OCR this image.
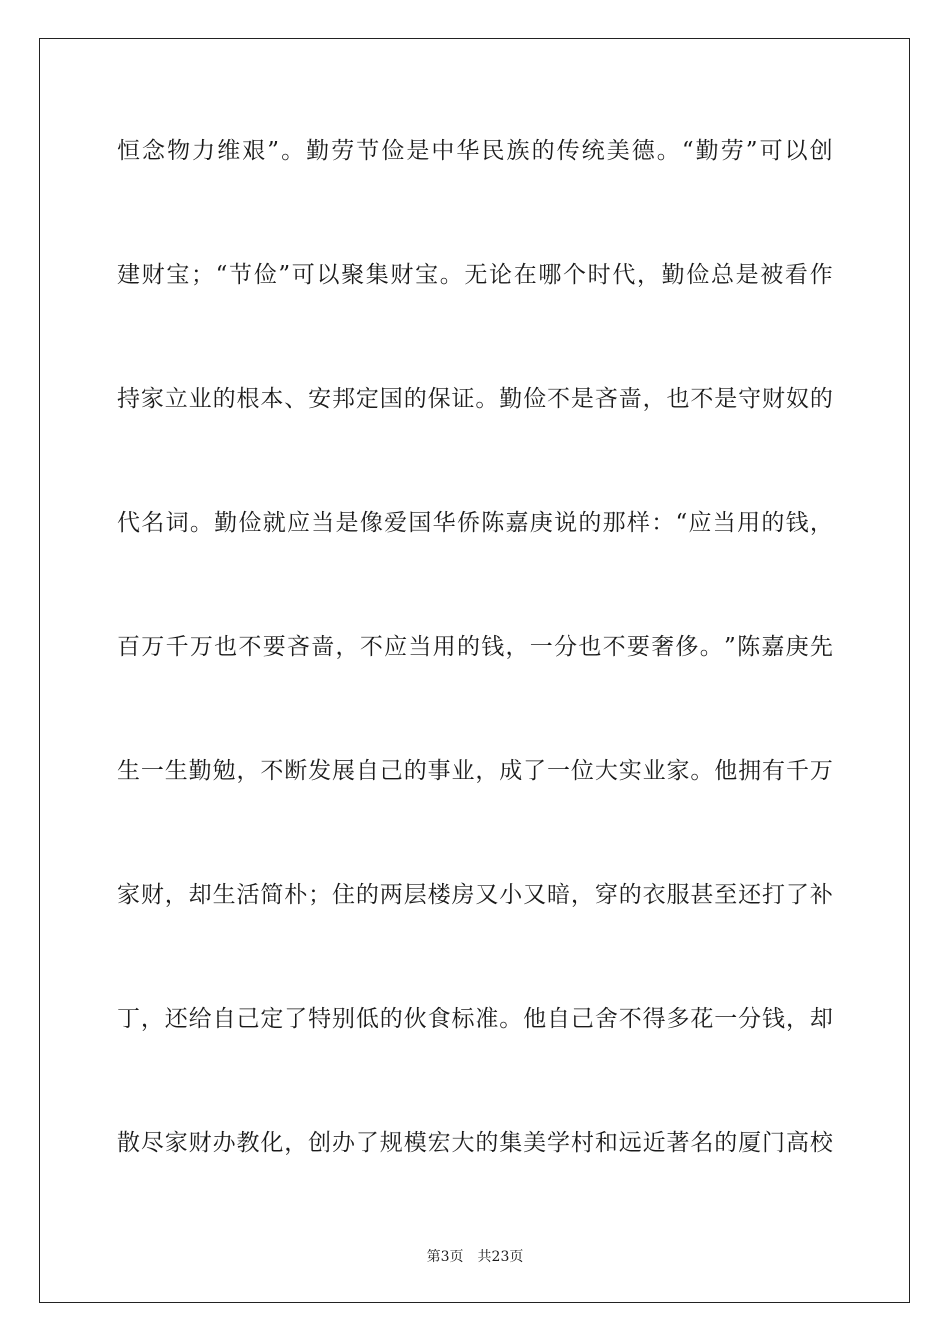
恒 念 物 力 维 艰 ” 。 勤 劳 节 俭 是 中 华 民 族 的 传 统 美 德 。 “ 勤 劳 ” 可 以 创
建 财 宝 ； “ 节 俭 ” 可 以 聚 集 财 宝 。 无 论 在 哪 个 时 代 ， 勤 俭 总 是 被 看 作
持 家 立 业 的 根 本 、 安 邦 定 国 的 保 证 。 勤 俭 不 是 吝 啬 ， 也 不 是 守 财 奴 的
代 名 词 。 勤 俭 就 应 当 是 像 爱 国 华 侨 陈 嘉 庚 说 的 那 样 ： “ 应 当 用 的 钱 ，
百 万 千 万 也 不 要 吝 啬 ， 不 应 当 用 的 钱 ， 一 分 也 不 要 奢 侈 。 ” 陈 嘉 庚 先
生 一 生 勤 勉 ， 不 断 发 展 自 己 的 事 业 ， 成 了 一 位 大 实 业 家 。 他 拥 有 千 万
家 财 ， 却 生 活 简 朴 ； 住 的 两 层 楼 房 又 小 又 暗 ， 穿 的 衣 服 甚 至 还 打 了 补
丁 ， 还 给 自 己 定 了 特 别 低 的 伙 食 标 准 。 他 自 己 舍 不 得 多 花 一 分 钱 ， 却
散 尽 家 财 办 教 化 ， 创 办 了 规 模 宏 大 的 集 美 学 村 和 远 近 著 名 的 厦 门 高 校
第3页 共23页
